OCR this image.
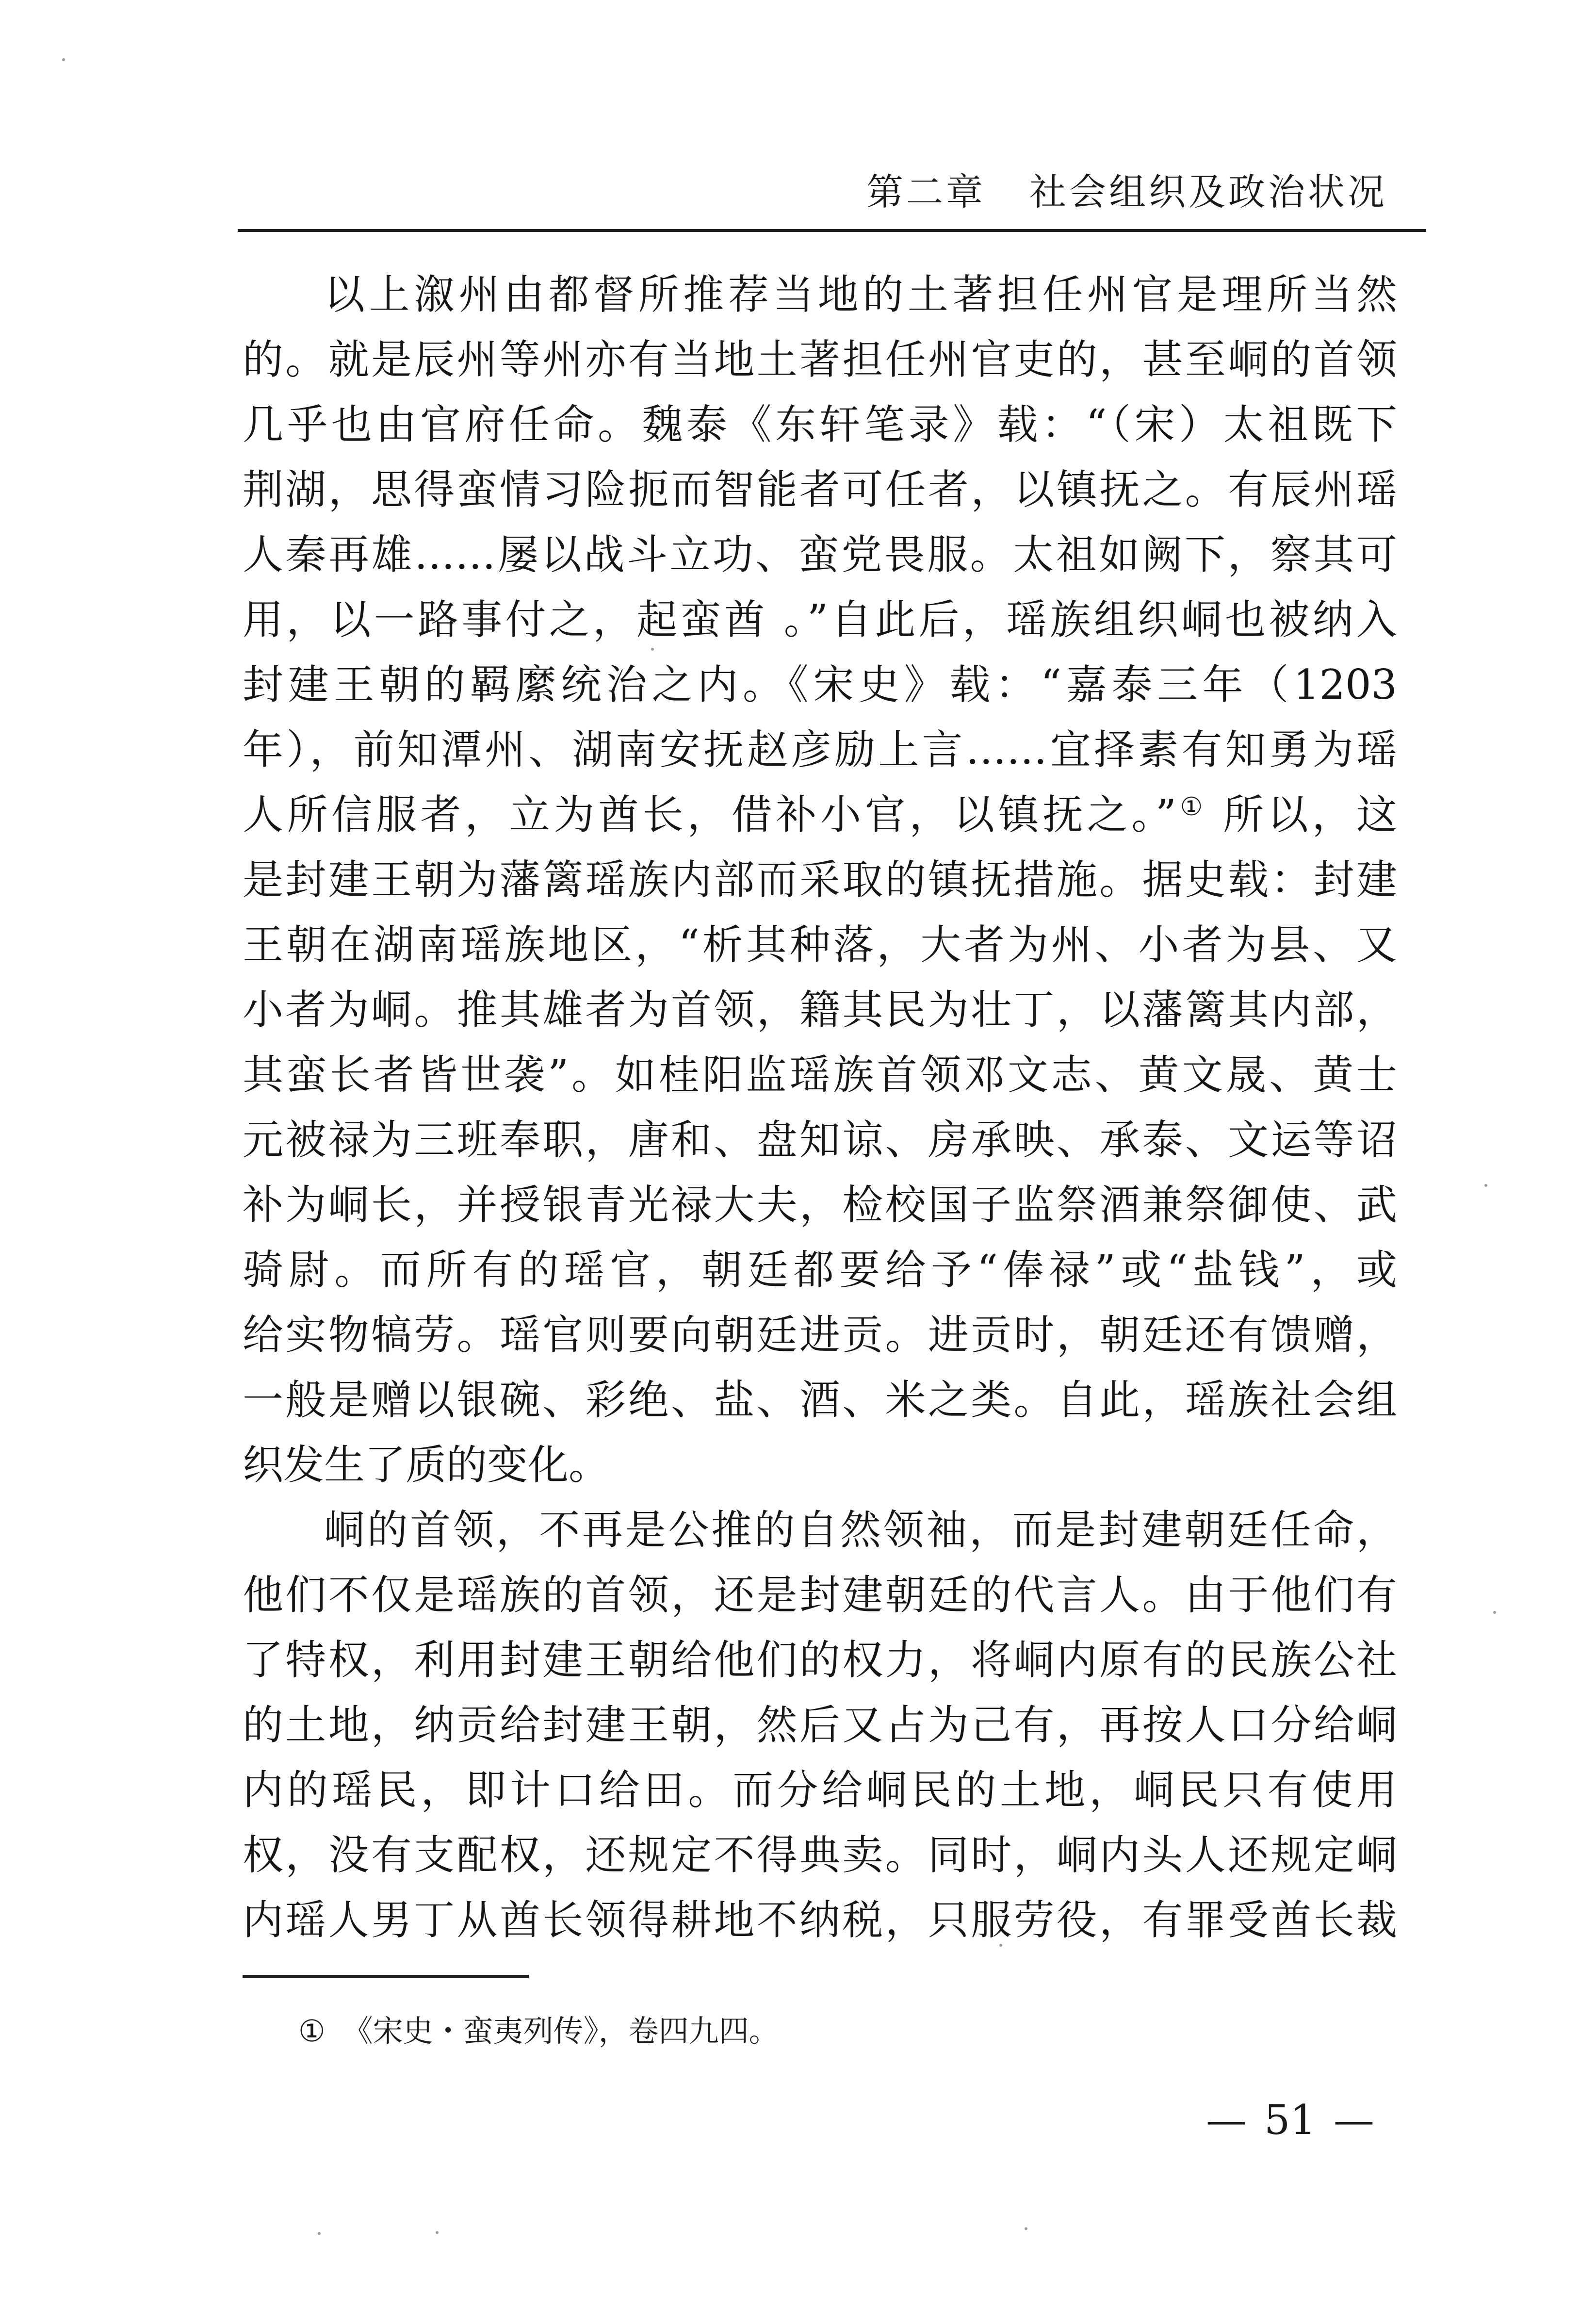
第二章 社会组织及政治状况
以上溆州由都督所推荐当地的土著担任州官是理所当然
的。就是辰州等州亦有当地土著担任州官吏的，甚至峒的首领
几乎也由官府任命。魏泰《东轩笔录》载：“（宋）太祖既下
荆湖，思得蛮情习险扼而智能者可任者，以镇抚之。有辰州瑶
人秦再雄……屡以战斗立功、蛮党畏服。太祖如阙下，察其可
用，以一路事付之，起蛮酋 。”自此后，瑶族组织峒也被纳入
封建王朝的羁縻统治之内。《宋史》载：“嘉泰三年（1203
年），前知潭州、湖南安抚赵彦励上言……宜择素有知勇为瑶
人所信服者，立为酋长，借补小官，以镇抚之。”① 所以，这
是封建王朝为藩篱瑶族内部而采取的镇抚措施。据史载：封建
王朝在湖南瑶族地区，“析其种落，大者为州、小者为县、又
小者为峒。推其雄者为首领，籍其民为壮丁，以藩篱其内部，
其蛮长者皆世袭”。如桂阳监瑶族首领邓文志、黄文晟、黄士
元被禄为三班奉职，唐和、盘知谅、房承映、承泰、文运等诏
补为峒长，并授银青光禄大夫，检校国子监祭酒兼祭御使、武
骑尉。而所有的瑶官，朝廷都要给予“俸禄”或“盐钱”，或
给实物犒劳。瑶官则要向朝廷进贡。进贡时，朝廷还有馈赠，
一般是赠以银碗、彩绝、盐、酒、米之类。自此，瑶族社会组
织发生了质的变化。
峒的首领，不再是公推的自然领袖，而是封建朝廷任命，
他们不仅是瑶族的首领，还是封建朝廷的代言人。由于他们有
了特权，利用封建王朝给他们的权力，将峒内原有的民族公社
的土地，纳贡给封建王朝，然后又占为己有，再按人口分给峒
内的瑶民，即计口给田。而分给峒民的土地，峒民只有使用
权，没有支配权，还规定不得典卖。同时，峒内头人还规定峒
内瑶人男丁从酋长领得耕地不纳税，只服劳役，有罪受酋长裁
① 《宋史・蛮夷列传》，卷四九四。
— 51 —
